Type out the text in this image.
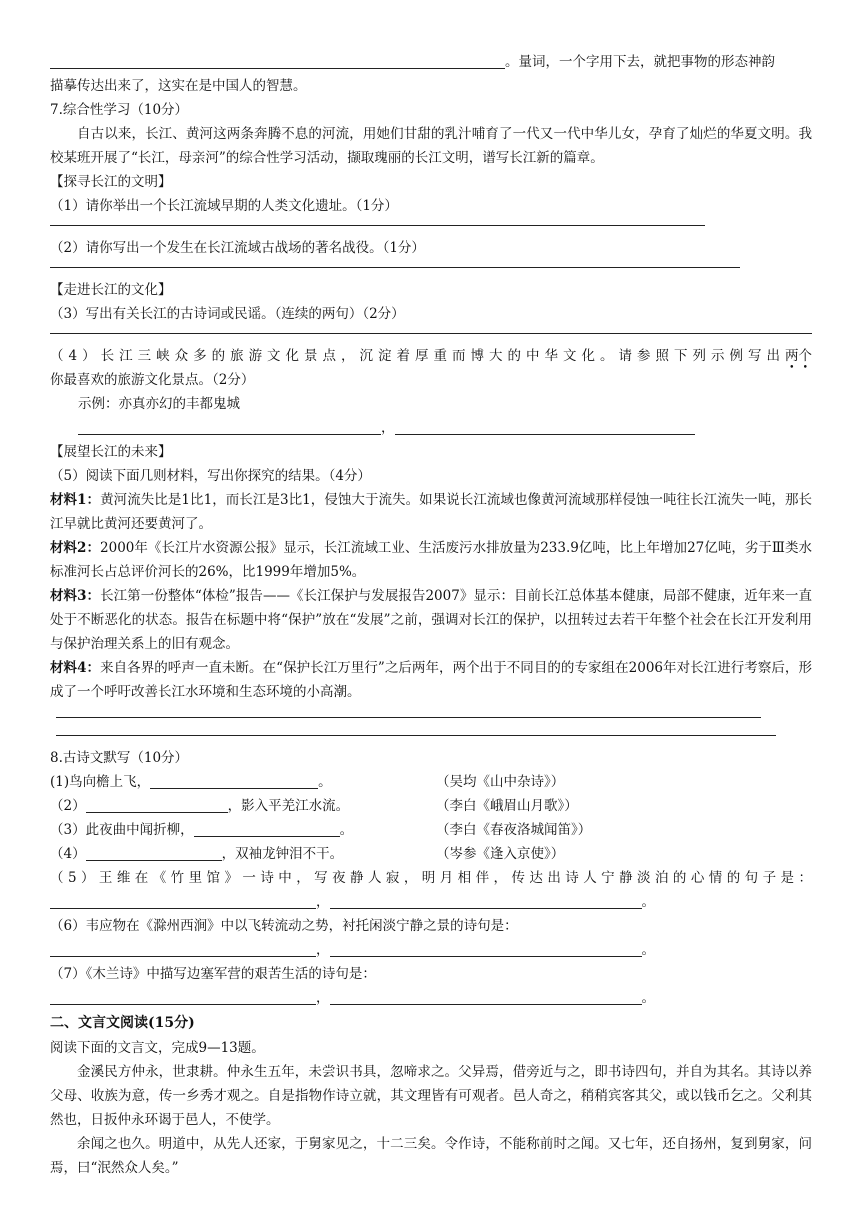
。量词，一个字用下去，就把事物的形态神韵
描摹传达出来了，这实在是中国人的智慧。
7.综合性学习（10分）
自古以来，长江、黄河这两条奔腾不息的河流，用她们甘甜的乳汁哺育了一代又一代中华儿女，孕育了灿烂的华夏文明。我校某班开展了“长江，母亲河”的综合性学习活动，撷取瑰丽的长江文明，谱写长江新的篇章。
【探寻长江的文明】
（1）请你举出一个长江流域早期的人类文化遗址。（1分）
（2）请你写出一个发生在长江流域古战场的著名战役。（1分）
【走进长江的文化】
（3）写出有关长江的古诗词或民谣。（连续的两句）（2分）
（4）长江三峡众多的旅游文化景点，沉淀着厚重而博大的中华文化。请参照下列示例写出两个你最喜欢的旅游文化景点。（2分）
示例：亦真亦幻的丰都鬼城
，
【展望长江的未来】
（5）阅读下面几则材料，写出你探究的结果。（4分）
材料1：黄河流失比是1比1，而长江是3比1，侵蚀大于流失。如果说长江流域也像黄河流域那样侵蚀一吨往长江流失一吨，那长江早就比黄河还要黄河了。
材料2：2000年《长江片水资源公报》显示，长江流域工业、生活废污水排放量为233.9亿吨，比上年增加27亿吨，劣于Ⅲ类水标准河长占总评价河长的26%，比1999年增加5%。
材料3：长江第一份整体“体检”报告——《长江保护与发展报告2007》显示：目前长江总体基本健康，局部不健康，近年来一直处于不断恶化的状态。报告在标题中将“保护”放在“发展”之前，强调对长江的保护，以扭转过去若干年整个社会在长江开发利用与保护治理关系上的旧有观念。
材料4：来自各界的呼声一直未断。在“保护长江万里行”之后两年，两个出于不同目的的专家组在2006年对长江进行考察后，形成了一个呼吁改善长江水环境和生态环境的小高潮。
8.古诗文默写（10分）
(1)鸟向檐上飞，	。	（吴均《山中杂诗》）
（2）	，影入平羌江水流。	（李白《峨眉山月歌》）
（3）此夜曲中闻折柳，	。	（李白《春夜洛城闻笛》）
（4）	，双袖龙钟泪不干。	（岑参《逢入京使》）
（5）王维在《竹里馆》一诗中，写夜静人寂，明月相伴，传达出诗人宁静淡泊的心情的句子是：
，	。
（6）韦应物在《滁州西涧》中以飞转流动之势，衬托闲淡宁静之景的诗句是：
，	。
（7）《木兰诗》中描写边塞军营的艰苦生活的诗句是：
，	。
二、文言文阅读(15分)
阅读下面的文言文，完成9—13题。
金溪民方仲永，世隶耕。仲永生五年，未尝识书具，忽啼求之。父异焉，借旁近与之，即书诗四句，并自为其名。其诗以养父母、收族为意，传一乡秀才观之。自是指物作诗立就，其文理皆有可观者。邑人奇之，稍稍宾客其父，或以钱币乞之。父利其然也，日扳仲永环谒于邑人，不使学。
余闻之也久。明道中，从先人还家，于舅家见之，十二三矣。令作诗，不能称前时之闻。又七年，还自扬州，复到舅家，问焉，曰“泯然众人矣。”
